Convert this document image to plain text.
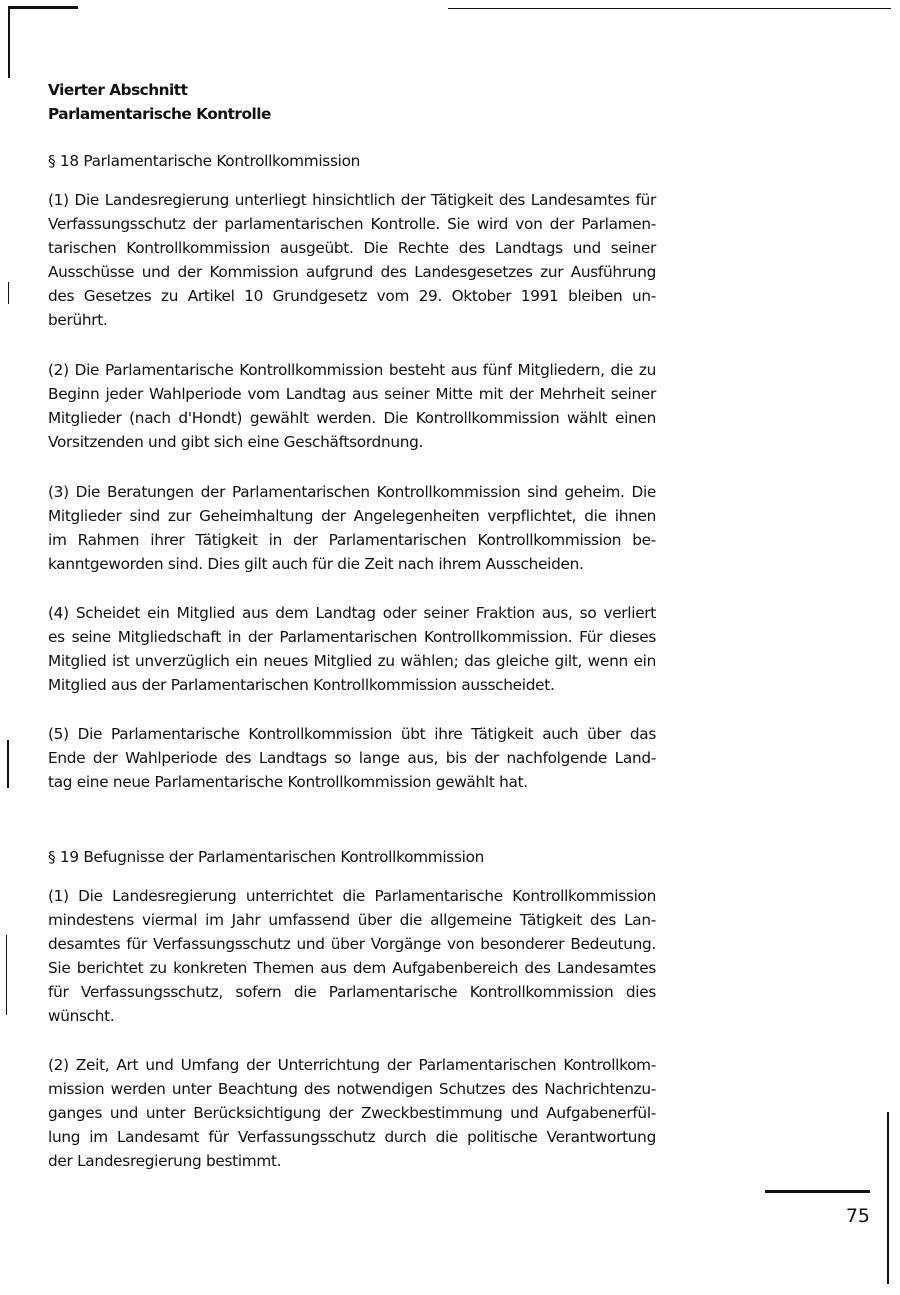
Vierter Abschnitt
Parlamentarische Kontrolle
§ 18 Parlamentarische Kontrollkommission
(1) Die Landesregierung unterliegt hinsichtlich der Tätigkeit des Landesamtes für
Verfassungsschutz der parlamentarischen Kontrolle. Sie wird von der Parlamen-
tarischen Kontrollkommission ausgeübt. Die Rechte des Landtags und seiner
Ausschüsse und der Kommission aufgrund des Landesgesetzes zur Ausführung
des Gesetzes zu Artikel 10 Grundgesetz vom 29. Oktober 1991 bleiben un-
berührt.
(2) Die Parlamentarische Kontrollkommission besteht aus fünf Mitgliedern, die zu
Beginn jeder Wahlperiode vom Landtag aus seiner Mitte mit der Mehrheit seiner
Mitglieder (nach d'Hondt) gewählt werden. Die Kontrollkommission wählt einen
Vorsitzenden und gibt sich eine Geschäftsordnung.
(3) Die Beratungen der Parlamentarischen Kontrollkommission sind geheim. Die
Mitglieder sind zur Geheimhaltung der Angelegenheiten verpflichtet, die ihnen
im Rahmen ihrer Tätigkeit in der Parlamentarischen Kontrollkommission be-
kanntgeworden sind. Dies gilt auch für die Zeit nach ihrem Ausscheiden.
(4) Scheidet ein Mitglied aus dem Landtag oder seiner Fraktion aus, so verliert
es seine Mitgliedschaft in der Parlamentarischen Kontrollkommission. Für dieses
Mitglied ist unverzüglich ein neues Mitglied zu wählen; das gleiche gilt, wenn ein
Mitglied aus der Parlamentarischen Kontrollkommission ausscheidet.
(5) Die Parlamentarische Kontrollkommission übt ihre Tätigkeit auch über das
Ende der Wahlperiode des Landtags so lange aus, bis der nachfolgende Land-
tag eine neue Parlamentarische Kontrollkommission gewählt hat.
§ 19 Befugnisse der Parlamentarischen Kontrollkommission
(1) Die Landesregierung unterrichtet die Parlamentarische Kontrollkommission
mindestens viermal im Jahr umfassend über die allgemeine Tätigkeit des Lan-
desamtes für Verfassungsschutz und über Vorgänge von besonderer Bedeutung.
Sie berichtet zu konkreten Themen aus dem Aufgabenbereich des Landesamtes
für Verfassungsschutz, sofern die Parlamentarische Kontrollkommission dies
wünscht.
(2) Zeit, Art und Umfang der Unterrichtung der Parlamentarischen Kontrollkom-
mission werden unter Beachtung des notwendigen Schutzes des Nachrichtenzu-
ganges und unter Berücksichtigung der Zweckbestimmung und Aufgabenerfül-
lung im Landesamt für Verfassungsschutz durch die politische Verantwortung
der Landesregierung bestimmt.
75
